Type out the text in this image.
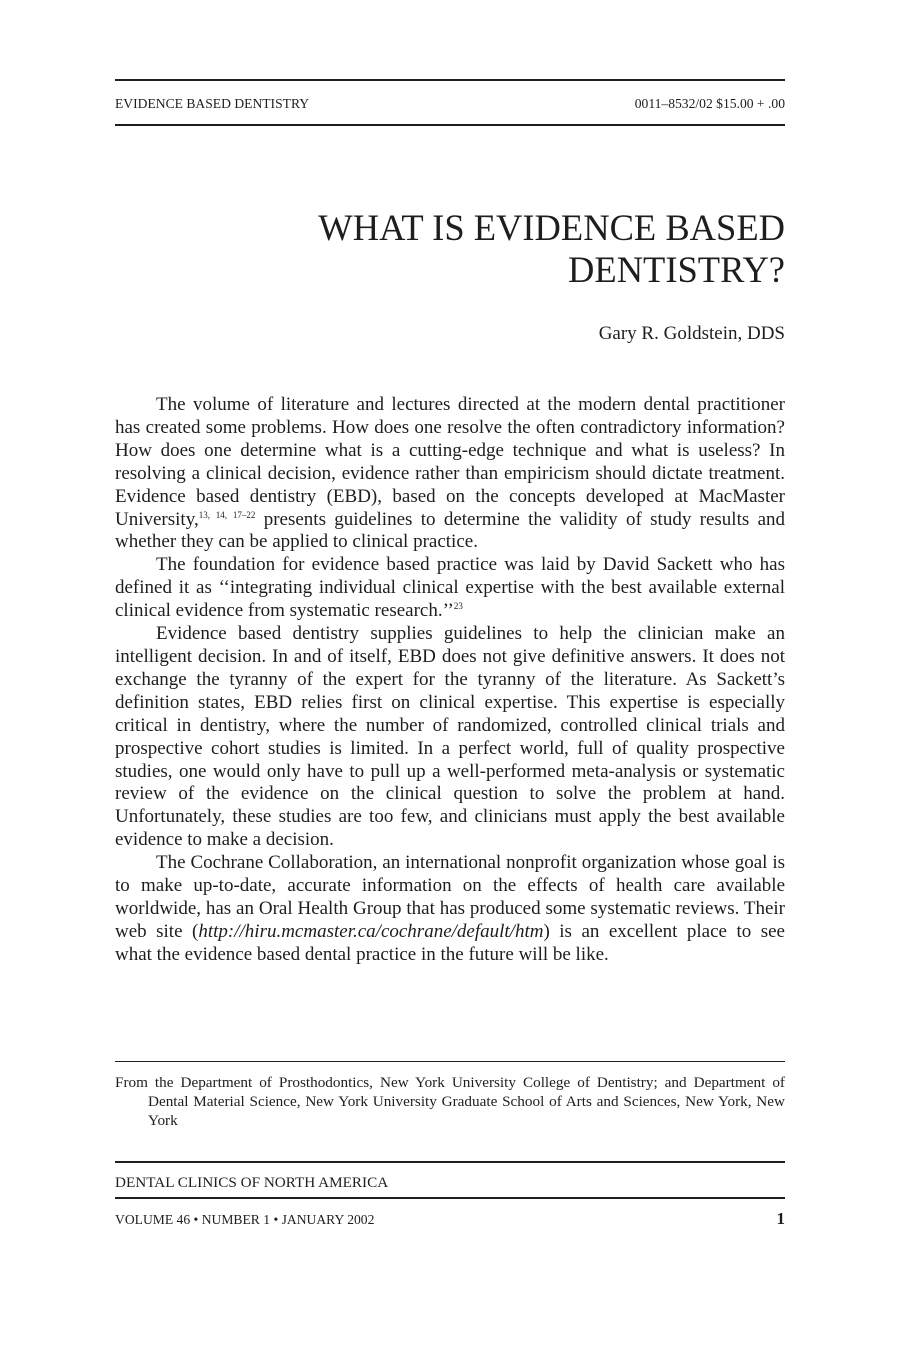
EVIDENCE BASED DENTISTRY	0011–8532/02 $15.00 + .00
WHAT IS EVIDENCE BASED
DENTISTRY?
Gary R. Goldstein, DDS

The volume of literature and lectures directed at the modern dental practitioner has created some problems. How does one resolve the often contradictory information? How does one determine what is a cutting-edge technique and what is useless? In resolving a clinical decision, evidence rather than empiricism should dictate treatment. Evidence based dentistry (EBD), based on the concepts developed at MacMaster University,$^{13, 14, 17-22}$ presents guidelines to determine the validity of study results and whether they can be applied to clinical practice.

The foundation for evidence based practice was laid by David Sackett who has defined it as ‘‘integrating individual clinical expertise with the best available external clinical evidence from systematic research.’’$^{23}$

Evidence based dentistry supplies guidelines to help the clinician make an intelligent decision. In and of itself, EBD does not give definitive answers. It does not exchange the tyranny of the expert for the tyranny of the literature. As Sackett’s definition states, EBD relies first on clinical expertise. This expertise is especially critical in dentistry, where the number of randomized, controlled clinical trials and prospective cohort studies is limited. In a perfect world, full of quality prospective studies, one would only have to pull up a well-performed meta-analysis or systematic review of the evidence on the clinical question to solve the problem at hand. Unfortunately, these studies are too few, and clinicians must apply the best available evidence to make a decision.

The Cochrane Collaboration, an international nonprofit organization whose goal is to make up-to-date, accurate information on the effects of health care available worldwide, has an Oral Health Group that has produced some systematic reviews. Their web site (http://hiru.mcmaster.​ca/cochrane/default/htm) is an excellent place to see what the evidence based dental practice in the future will be like.

From the Department of Prosthodontics, New York University College of Dentistry; and Department of Dental Material Science, New York University Graduate School of Arts and Sciences, New York, New York
DENTAL CLINICS OF NORTH AMERICA
VOLUME 46 • NUMBER 1 • JANUARY 2002	1
